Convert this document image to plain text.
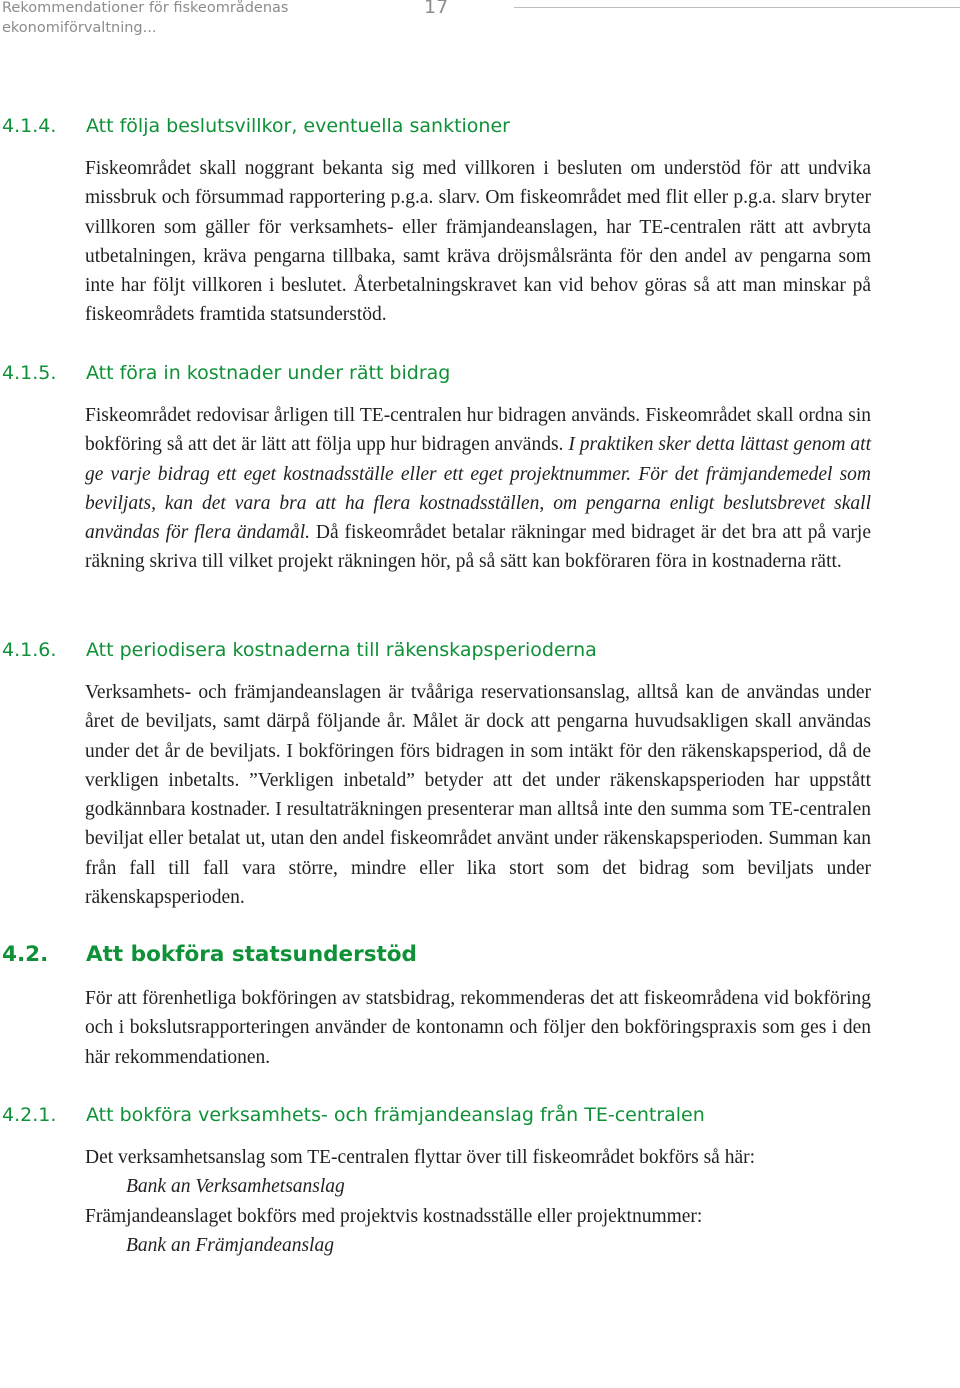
Rekommendationer för fiskeområdenas
ekonomiförvaltning...
17
4.1.4. Att följa beslutsvillkor, eventuella sanktioner
Fiskeområdet skall noggrant bekanta sig med villkoren i besluten om understöd för att undvika missbruk och försummad rapportering p.g.a. slarv. Om fiskeområdet med flit eller p.g.a. slarv bryter villkoren som gäller för verksamhets- eller främjandeanslagen, har TE-centralen rätt att avbryta utbetalningen, kräva pengarna tillbaka, samt kräva dröjsmålsränta för den andel av pengarna som inte har följt villkoren i beslutet. Återbetalningskravet kan vid behov göras så att man minskar på fiskeområdets framtida statsunderstöd.
4.1.5. Att föra in kostnader under rätt bidrag
Fiskeområdet redovisar årligen till TE-centralen hur bidragen används. Fiskeområdet skall ordna sin bokföring så att det är lätt att följa upp hur bidragen används. I praktiken sker detta lättast genom att ge varje bidrag ett eget kostnadsställe eller ett eget projektnummer. För det främjandemedel som beviljats, kan det vara bra att ha flera kostnadsställen, om pengarna enligt beslutsbrevet skall användas för flera ändamål. Då fiskeområdet betalar räkningar med bidraget är det bra att på varje räkning skriva till vilket projekt räkningen hör, på så sätt kan bokföraren föra in kostnaderna rätt.
4.1.6. Att periodisera kostnaderna till räkenskapsperioderna
Verksamhets- och främjandeanslagen är tvååriga reservationsanslag, alltså kan de användas under året de beviljats, samt därpå följande år. Målet är dock att pengarna huvudsakligen skall användas under det år de beviljats. I bokföringen förs bidragen in som intäkt för den räkenskapsperiod, då de verkligen inbetalts. ”Verkligen inbetald” betyder att det under räkenskapsperioden har uppstått godkännbara kostnader. I resultaträkningen presenterar man alltså inte den summa som TE-centralen beviljat eller betalat ut, utan den andel fiskeområdet använt under räkenskapsperioden. Summan kan från fall till fall vara större, mindre eller lika stort som det bidrag som beviljats under räkenskapsperioden.
4.2. Att bokföra statsunderstöd
För att förenhetliga bokföringen av statsbidrag, rekommenderas det att fiskeområdena vid bokföring och i bokslutsrapporteringen använder de kontonamn och följer den bokföringspraxis som ges i den här rekommendationen.
4.2.1. Att bokföra verksamhets- och främjandeanslag från TE-centralen
Det verksamhetsanslag som TE-centralen flyttar över till fiskeområdet bokförs så här:
Bank an Verksamhetsanslag
Främjandeanslaget bokförs med projektvis kostnadsställe eller projektnummer:
Bank an Främjandeanslag
